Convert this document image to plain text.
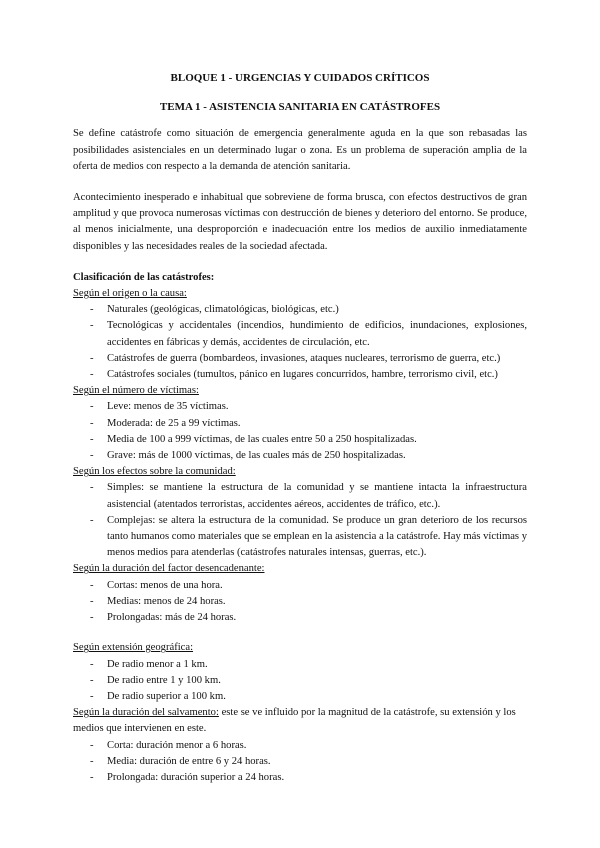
BLOQUE 1 - URGENCIAS Y CUIDADOS CRÍTICOS
TEMA 1 - ASISTENCIA SANITARIA EN CATÁSTROFES

Se define catástrofe como situación de emergencia generalmente aguda en la que son rebasadas las posibilidades asistenciales en un determinado lugar o zona. Es un problema de superación amplia de la oferta de medios con respecto a la demanda de atención sanitaria.

Acontecimiento inesperado e inhabitual que sobreviene de forma brusca, con efectos destructivos de gran amplitud y que provoca numerosas víctimas con destrucción de bienes y deterioro del entorno. Se produce, al menos inicialmente, una desproporción e inadecuación entre los medios de auxilio inmediatamente disponibles y las necesidades reales de la sociedad afectada.

Clasificación de las catástrofes:
Según el origen o la causa:
- Naturales (geológicas, climatológicas, biológicas, etc.)
- Tecnológicas y accidentales (incendios, hundimiento de edificios, inundaciones, explosiones, accidentes en fábricas y demás, accidentes de circulación, etc.
- Catástrofes de guerra (bombardeos, invasiones, ataques nucleares, terrorismo de guerra, etc.)
- Catástrofes sociales (tumultos, pánico en lugares concurridos, hambre, terrorismo civil, etc.)
Según el número de víctimas:
- Leve: menos de 35 víctimas.
- Moderada: de 25 a 99 víctimas.
- Media de 100 a 999 víctimas, de las cuales entre 50 a 250 hospitalizadas.
- Grave: más de 1000 víctimas, de las cuales más de 250 hospitalizadas.
Según los efectos sobre la comunidad:
- Simples: se mantiene la estructura de la comunidad y se mantiene intacta la infraestructura asistencial (atentados terroristas, accidentes aéreos, accidentes de tráfico, etc.).
- Complejas: se altera la estructura de la comunidad. Se produce un gran deterioro de los recursos tanto humanos como materiales que se emplean en la asistencia a la catástrofe. Hay más víctimas y menos medios para atenderlas (catástrofes naturales intensas, guerras, etc.).
Según la duración del factor desencadenante:
- Cortas: menos de una hora.
- Medias: menos de 24 horas.
- Prolongadas: más de 24 horas.
Según extensión geográfica:
- De radio menor a 1 km.
- De radio entre 1 y 100 km.
- De radio superior a 100 km.
Según la duración del salvamento: este se ve influido por la magnitud de la catástrofe, su extensión y los medios que intervienen en este.
- Corta: duración menor a 6 horas.
- Media: duración de entre 6 y 24 horas.
- Prolongada: duración superior a 24 horas.
